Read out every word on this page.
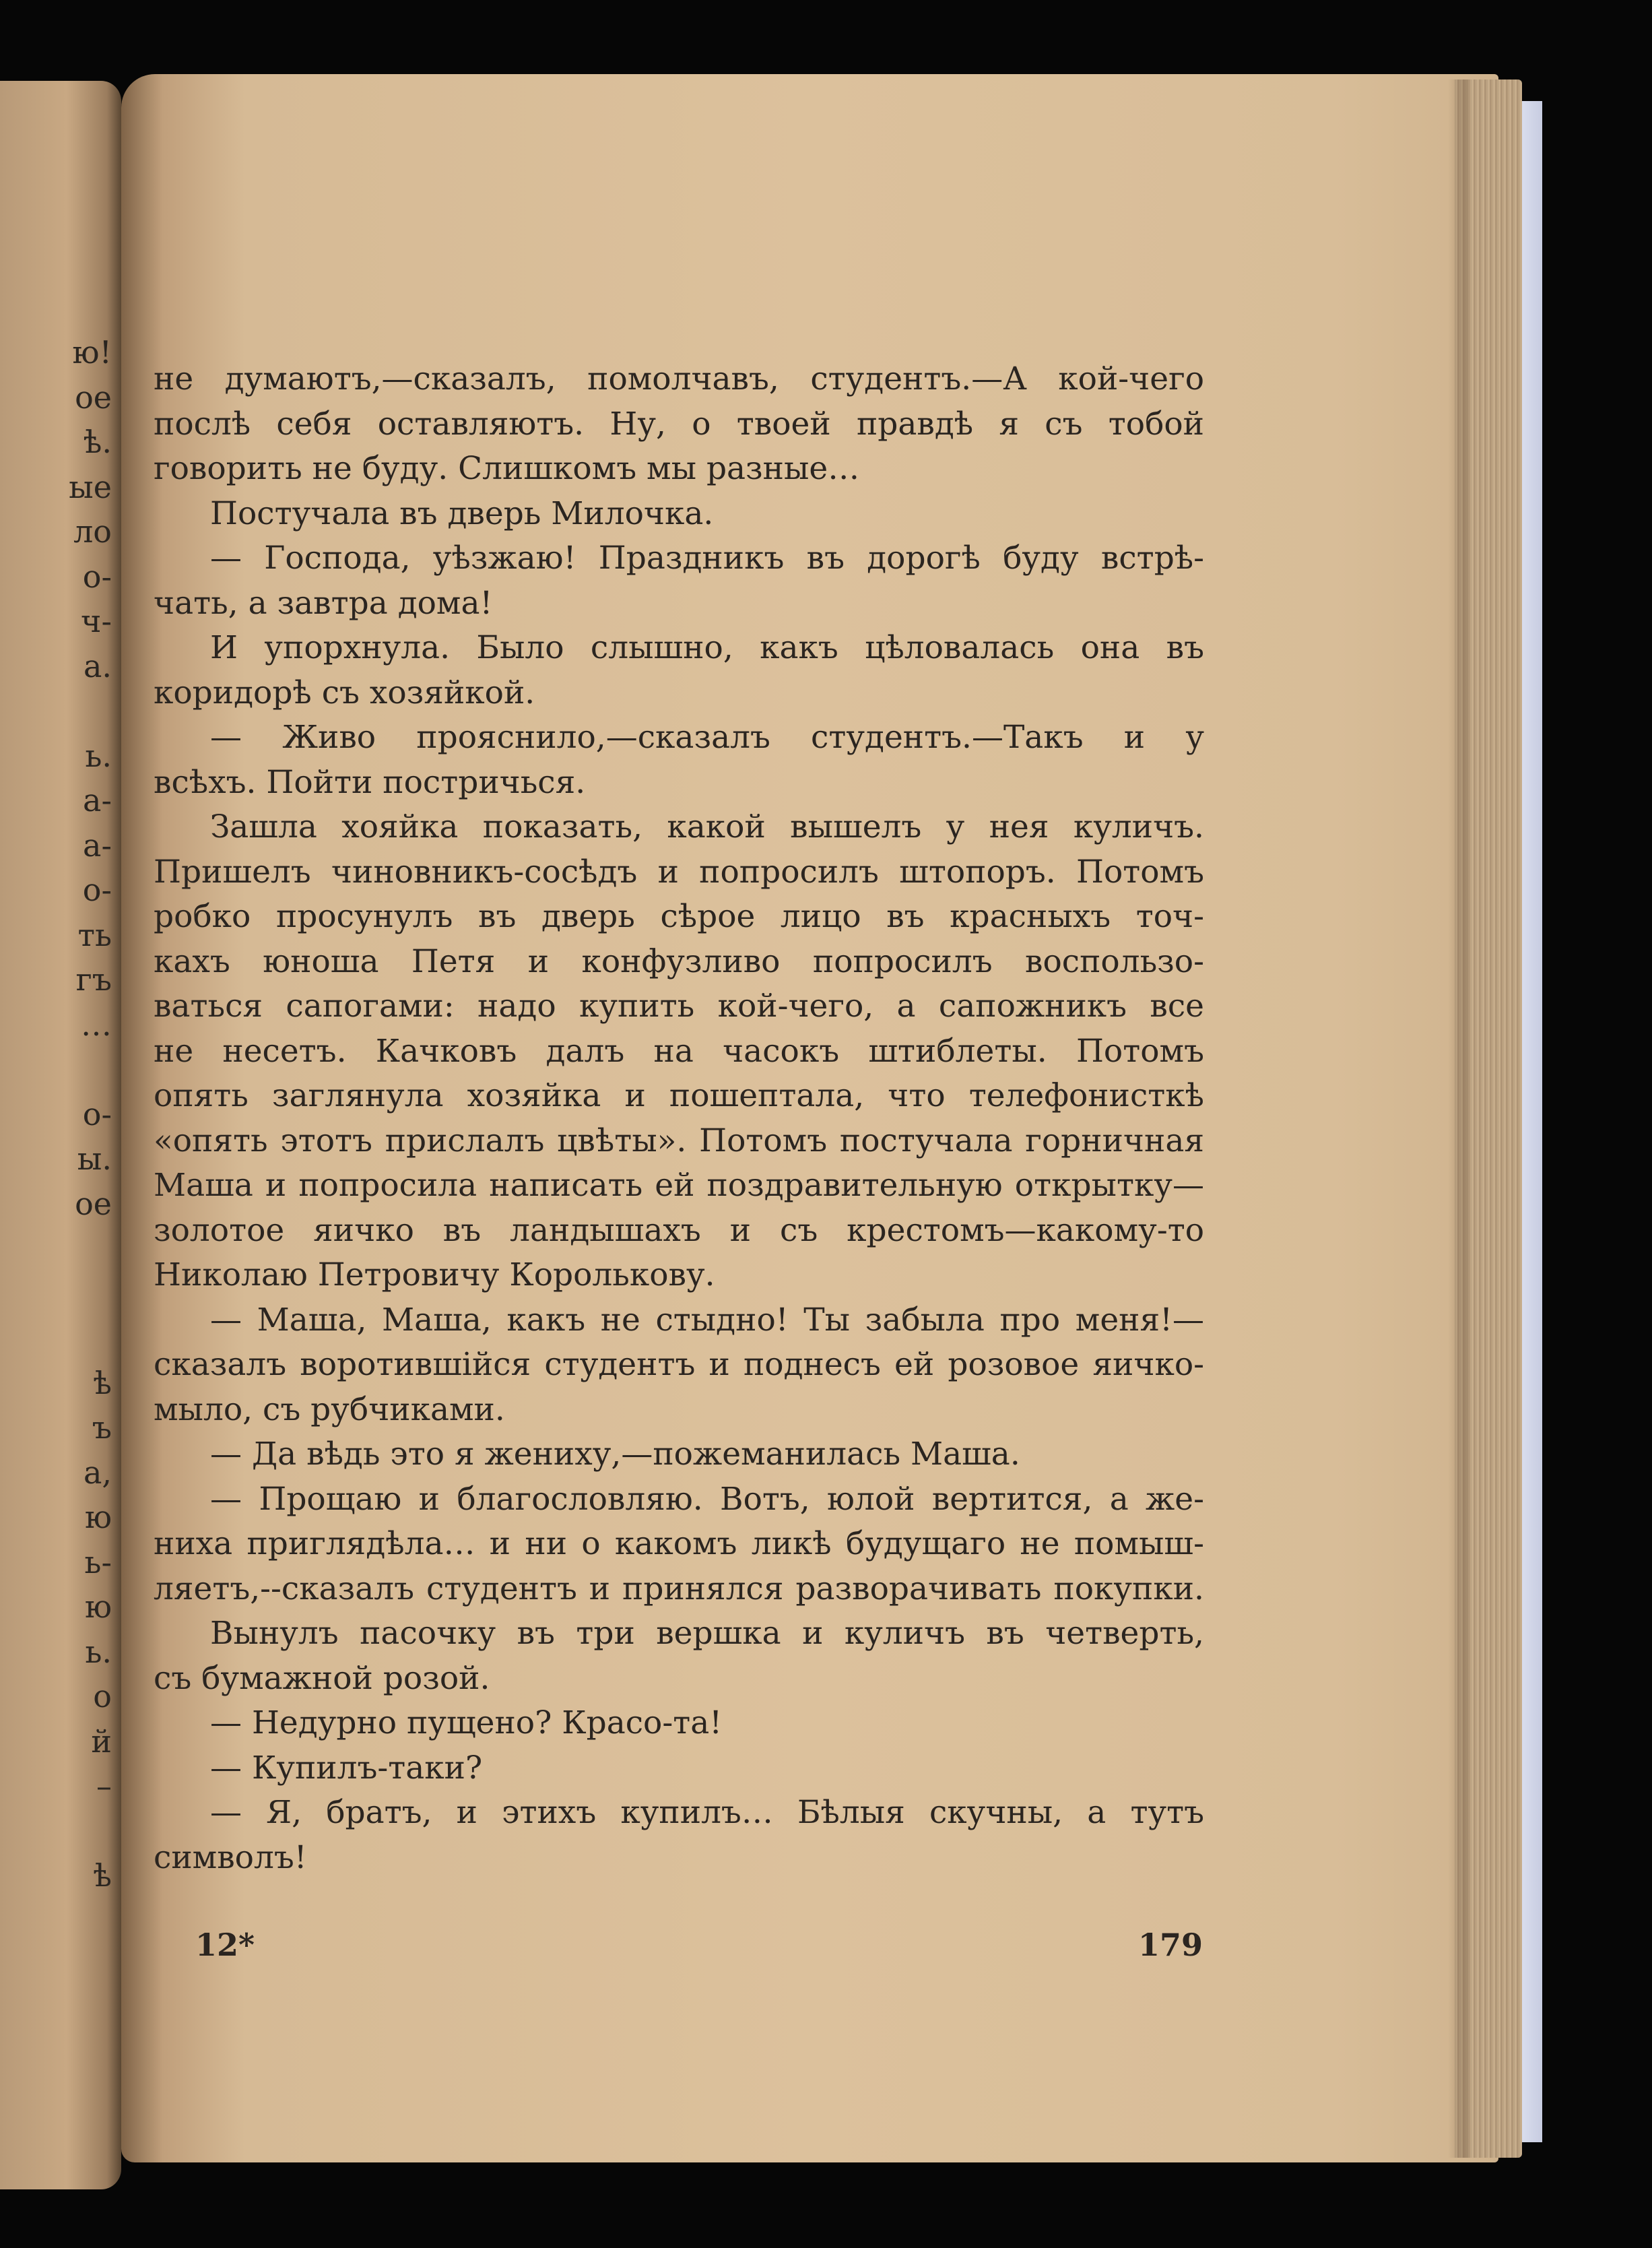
ю!
ое
ѣ.
ые
ло
о-
ч-
а.
ь.
а-
а-
о-
ть
гъ
…
о-
ы.
ое
ѣ
ъ
а,
ю
ь-
ю
ь.
о
й
–
ѣ
не думаютъ,—сказалъ, помолчавъ, студентъ.—А кой-чего
послѣ себя оставляютъ. Ну, о твоей правдѣ я съ тобой
говорить не буду. Слишкомъ мы разные…
Постучала въ дверь Милочка.
— Господа, уѣзжаю! Праздникъ въ дорогѣ буду встрѣ-
чать, а завтра дома!
И упорхнула. Было слышно, какъ цѣловалась она въ
коридорѣ съ хозяйкой.
— Живо прояснило,—сказалъ студентъ.—Такъ и у
всѣхъ. Пойти постричься.
Зашла хояйка показать, какой вышелъ у нея куличъ.
Пришелъ чиновникъ-сосѣдъ и попросилъ штопоръ. Потомъ
робко просунулъ въ дверь сѣрое лицо въ красныхъ точ-
кахъ юноша Петя и конфузливо попросилъ воспользо-
ваться сапогами: надо купить кой-чего, а сапожникъ все
не несетъ. Качковъ далъ на часокъ штиблеты. Потомъ
опять заглянула хозяйка и пошептала, что телефонисткѣ
«опять этотъ прислалъ цвѣты». Потомъ постучала горничная
Маша и попросила написать ей поздравительную открытку—
золотое яичко въ ландышахъ и съ крестомъ—какому-то
Николаю Петровичу Королькову.
— Маша, Маша, какъ не стыдно! Ты забыла про меня!—
сказалъ воротившійся студентъ и поднесъ ей розовое яичко-
мыло, съ рубчиками.
— Да вѣдь это я жениху,—пожеманилась Маша.
— Прощаю и благословляю. Вотъ, юлой вертится, а же-
ниха приглядѣла… и ни о какомъ ликѣ будущаго не помыш-
ляетъ,--сказалъ студентъ и принялся разворачивать покупки.
Вынулъ пасочку въ три вершка и куличъ въ четверть,
съ бумажной розой.
— Недурно пущено? Красо-та!
— Купилъ-таки?
— Я, братъ, и этихъ купилъ… Бѣлыя скучны, а тутъ
символъ!
12*	179
